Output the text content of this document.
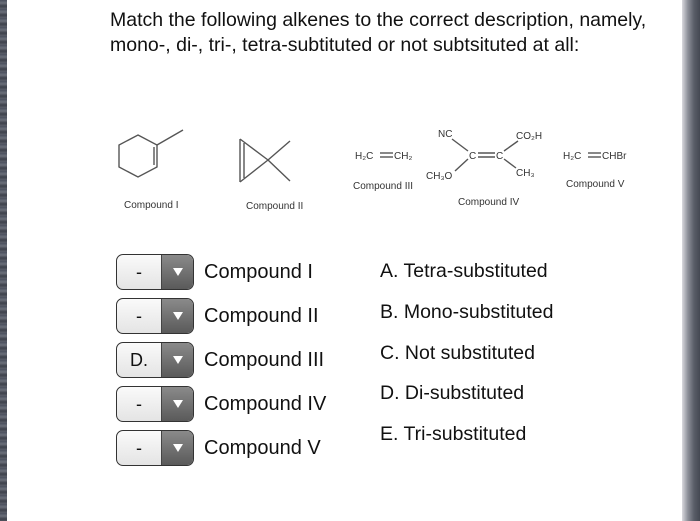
Match the following alkenes to the correct description, namely, mono-, di-, tri-, tetra-subtituted or not subtsituted at all:
Compound I	Compound II
H₂C CH₂
Compound III
NC	CO₂H
CH₃O	CH₃
C C
Compound IV
H₂C CHBr
Compound V
-	Compound I
-	Compound II
D.	Compound III
-	Compound IV
-	Compound V
A. Tetra-substituted
B. Mono-substituted
C. Not substituted
D. Di-substituted
E. Tri-substituted
